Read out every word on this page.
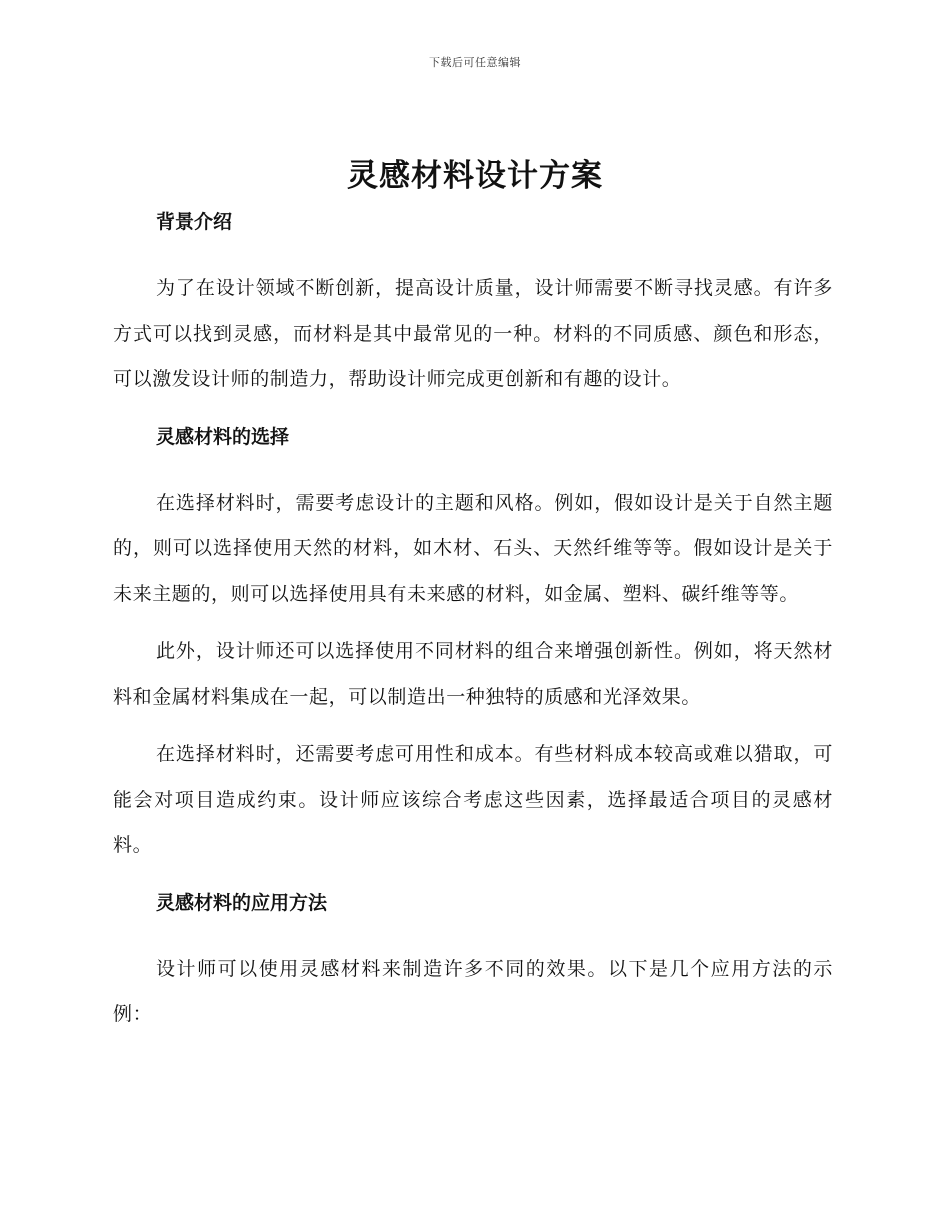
下载后可任意编辑
灵感材料设计方案
背景介绍

为了在设计领域不断创新，提高设计质量，设计师需要不断寻找灵感。有许多方式可以找到灵感，而材料是其中最常见的一种。材料的不同质感、颜色和形态，可以激发设计师的制造力，帮助设计师完成更创新和有趣的设计。

灵感材料的选择

在选择材料时，需要考虑设计的主题和风格。例如，假如设计是关于自然主题的，则可以选择使用天然的材料，如木材、石头、天然纤维等等。假如设计是关于未来主题的，则可以选择使用具有未来感的材料，如金属、塑料、碳纤维等等。

此外，设计师还可以选择使用不同材料的组合来增强创新性。例如，将天然材料和金属材料集成在一起，可以制造出一种独特的质感和光泽效果。

在选择材料时，还需要考虑可用性和成本。有些材料成本较高或难以猎取，可能会对项目造成约束。设计师应该综合考虑这些因素，选择最适合项目的灵感材料。

灵感材料的应用方法

设计师可以使用灵感材料来制造许多不同的效果。以下是几个应用方法的示例：
